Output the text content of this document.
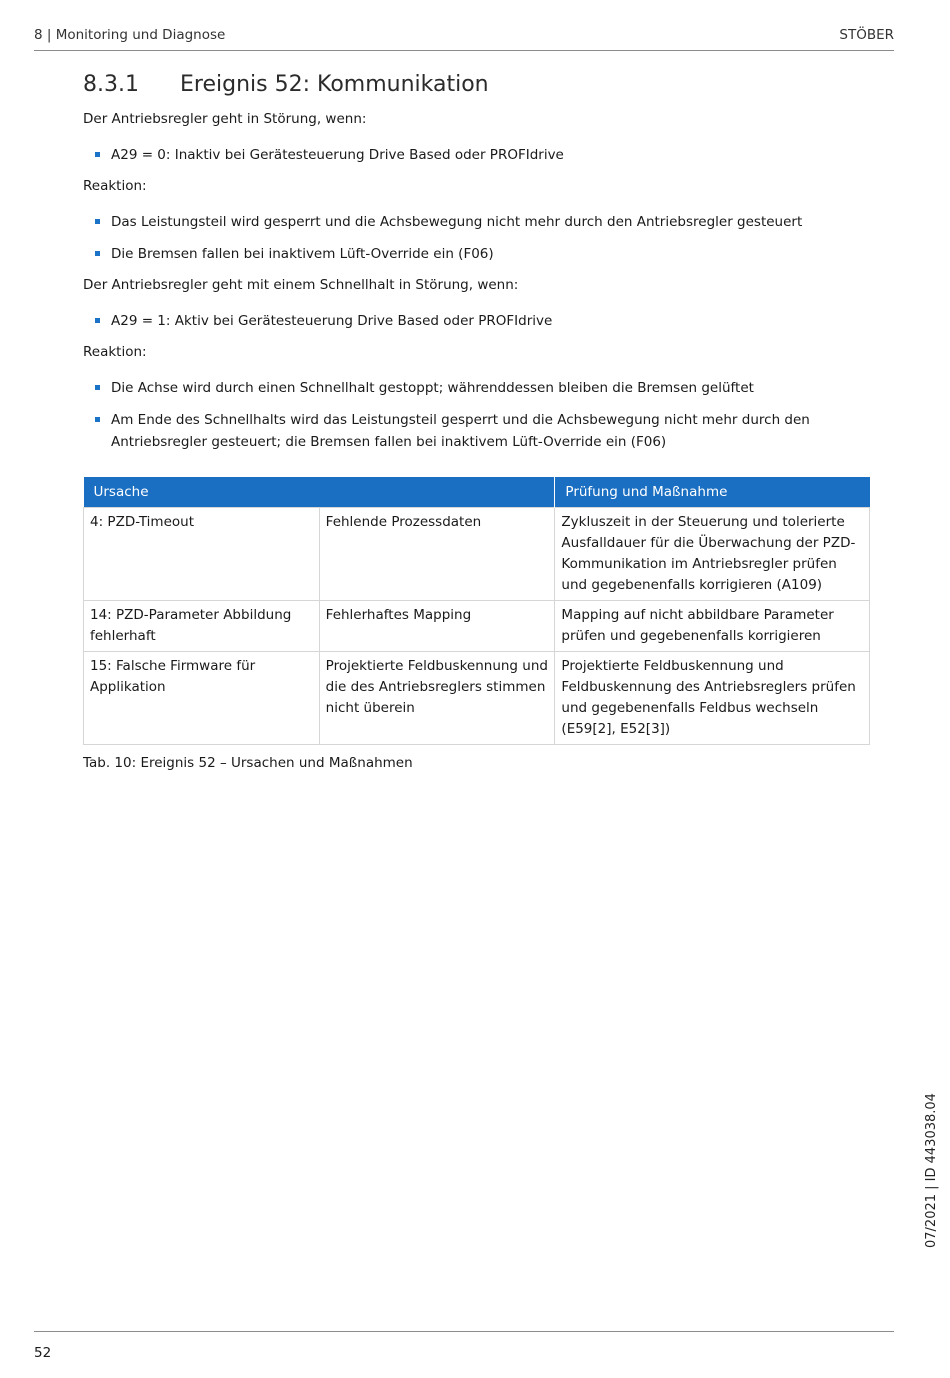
8 | Monitoring und Diagnose	STÖBER
8.3.1	Ereignis 52: Kommunikation

Der Antriebsregler geht in Störung, wenn:

A29 = 0: Inaktiv bei Gerätesteuerung Drive Based oder PROFIdrive

Reaktion:

Das Leistungsteil wird gesperrt und die Achsbewegung nicht mehr durch den Antriebsregler gesteuert
Die Bremsen fallen bei inaktivem Lüft-Override ein (F06)

Der Antriebsregler geht mit einem Schnellhalt in Störung, wenn:

A29 = 1: Aktiv bei Gerätesteuerung Drive Based oder PROFIdrive

Reaktion:

Die Achse wird durch einen Schnellhalt gestoppt; währenddessen bleiben die Bremsen gelüftet
Am Ende des Schnellhalts wird das Leistungsteil gesperrt und die Achsbewegung nicht mehr durch den Antriebsregler gesteuert; die Bremsen fallen bei inaktivem Lüft-Override ein (F06)
Ursache		Prüfung und Maßnahme
4: PZD-Timeout	Fehlende Prozessdaten	Zykluszeit in der Steuerung und tolerierte Ausfalldauer für die Überwachung der PZD-Kommunikation im Antriebsregler prüfen und gegebenenfalls korrigieren (A109)
14: PZD-Parameter Abbildung fehlerhaft	Fehlerhaftes Mapping	Mapping auf nicht abbildbare Parameter prüfen und gegebenenfalls korrigieren
15: Falsche Firmware für Applikation	Projektierte Feldbuskennung und die des Antriebsreglers stimmen nicht überein	Projektierte Feldbuskennung und Feldbuskennung des Antriebsreglers prüfen und gegebenenfalls Feldbus wechseln (E59[2], E52[3])
Tab. 10: Ereignis 52 – Ursachen und Maßnahmen
07/2021 | ID 443038.04
52
